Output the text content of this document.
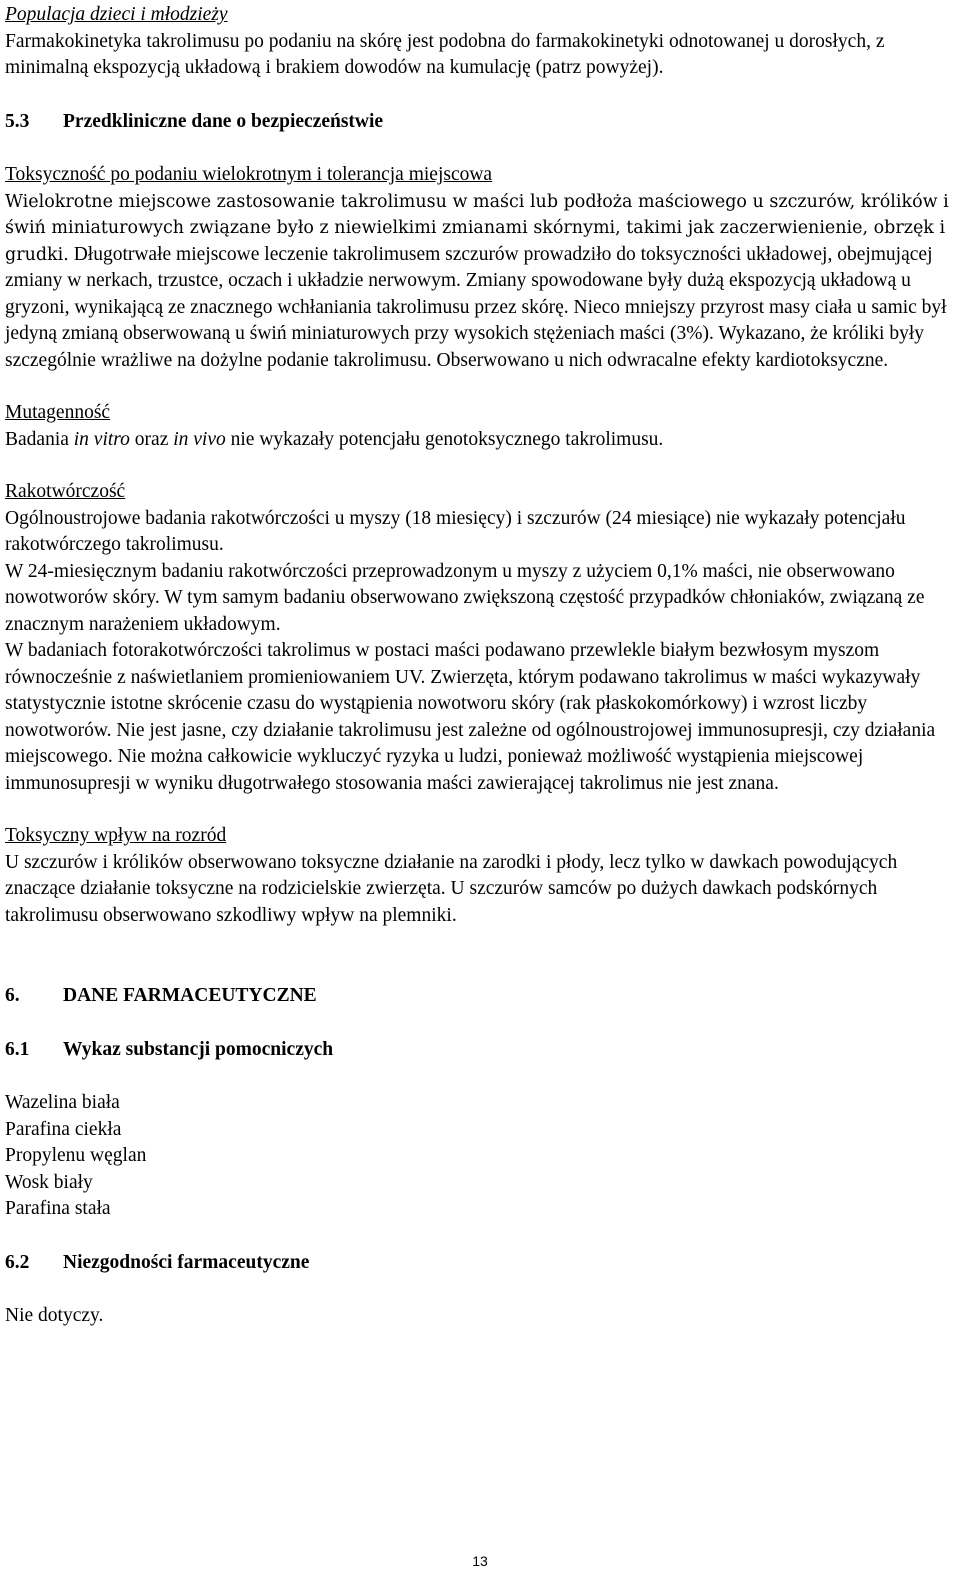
Populacja dzieci i młodzieży

Farmakokinetyka takrolimusu po podaniu na skórę jest podobna do farmakokinetyki odnotowanej u dorosłych, z minimalną ekspozycją układową i brakiem dowodów na kumulację (patrz powyżej).

5.3	Przedkliniczne dane o bezpieczeństwie

Toksyczność po podaniu wielokrotnym i tolerancja miejscowa

Wielokrotne miejscowe zastosowanie takrolimusu w maści lub podłoża maściowego u szczurów, królików i świń miniaturowych związane było z niewielkimi zmianami skórnymi, takimi jak zaczerwienienie, obrzęk i grudki. Długotrwałe miejscowe leczenie takrolimusem szczurów prowadziło do toksyczności układowej, obejmującej zmiany w nerkach, trzustce, oczach i układzie nerwowym. Zmiany spowodowane były dużą ekspozycją układową u gryzoni, wynikającą ze znacznego wchłaniania takrolimusu przez skórę. Nieco mniejszy przyrost masy ciała u samic był jedyną zmianą obserwowaną u świń miniaturowych przy wysokich stężeniach maści (3%). Wykazano, że króliki były szczególnie wrażliwe na dożylne podanie takrolimusu. Obserwowano u nich odwracalne efekty kardiotoksyczne.

Mutagenność

Badania in vitro oraz in vivo nie wykazały potencjału genotoksycznego takrolimusu.

Rakotwórczość

Ogólnoustrojowe badania rakotwórczości u myszy (18 miesięcy) i szczurów (24 miesiące) nie wykazały potencjału rakotwórczego takrolimusu.

W 24-miesięcznym badaniu rakotwórczości przeprowadzonym u myszy z użyciem 0,1% maści, nie obserwowano nowotworów skóry. W tym samym badaniu obserwowano zwiększoną częstość przypadków chłoniaków, związaną ze znacznym narażeniem układowym.

W badaniach fotorakotwórczości takrolimus w postaci maści podawano przewlekle białym bezwłosym myszom równocześnie z naświetlaniem promieniowaniem UV. Zwierzęta, którym podawano takrolimus w maści wykazywały statystycznie istotne skrócenie czasu do wystąpienia nowotworu skóry (rak płaskokomórkowy) i wzrost liczby nowotworów. Nie jest jasne, czy działanie takrolimusu jest zależne od ogólnoustrojowej immunosupresji, czy działania miejscowego. Nie można całkowicie wykluczyć ryzyka u ludzi, ponieważ możliwość wystąpienia miejscowej immunosupresji w wyniku długotrwałego stosowania maści zawierającej takrolimus nie jest znana.

Toksyczny wpływ na rozród

U szczurów i królików obserwowano toksyczne działanie na zarodki i płody, lecz tylko w dawkach powodujących znaczące działanie toksyczne na rodzicielskie zwierzęta. U szczurów samców po dużych dawkach podskórnych takrolimusu obserwowano szkodliwy wpływ na plemniki.

6.	DANE FARMACEUTYCZNE
6.1	Wykaz substancji pomocniczych
Wazelina biała
Parafina ciekła
Propylenu węglan
Wosk biały
Parafina stała
6.2	Niezgodności farmaceutyczne

Nie dotyczy.

13
